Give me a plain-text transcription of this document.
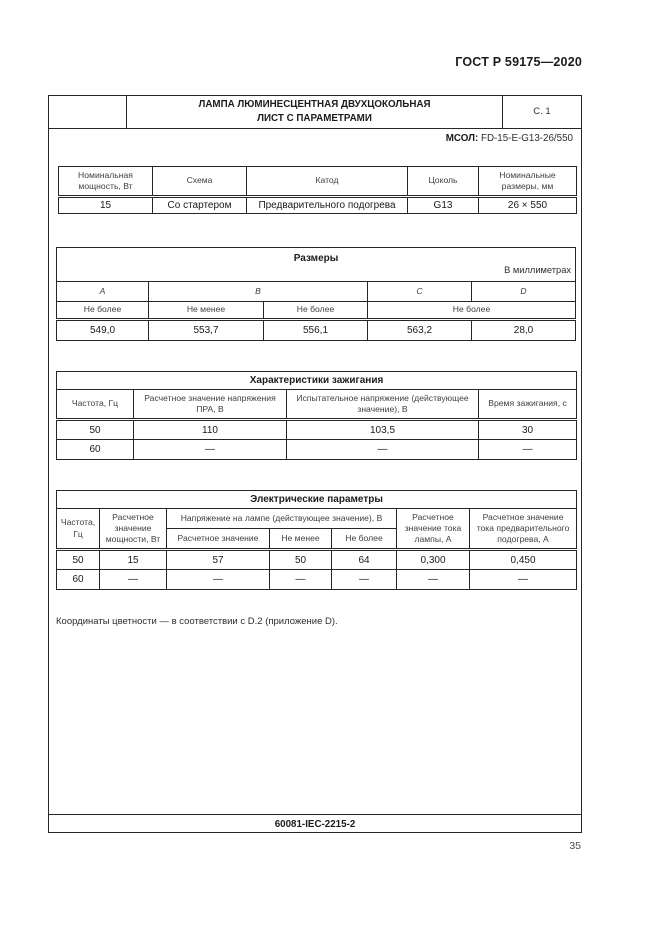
ГОСТ Р 59175—2020
ЛАМПА ЛЮМИНЕСЦЕНТНАЯ ДВУХЦОКОЛЬНАЯ
ЛИСТ С ПАРАМЕТРАМИ
С. 1
МСОЛ: FD-15-E-G13-26/550
Номинальная мощность, Вт	Схема	Катод	Цоколь	Номинальные размеры, мм
15	Со стартером	Предварительного подогрева	G13	26 × 550
Размеры
В миллиметрах				

A	B		C	D
Не более	Не менее	Не более	Не более	
549,0	553,7	556,1	563,2	28,0
Характеристики зажигания			
Частота, Гц	Расчетное значение напряжения ПРА, В	Испытательное напряжение (действующее значение), В	Время зажигания, с
50	110	103,5	30
60	—	—	—
Электрические параметры						
Частота, Гц	Расчетное значение мощности, Вт	Напряжение на лампе (действующее значение), В			Расчетное значение тока лампы, А	Расчетное значение тока предварительного подогрева, А
		Расчетное значение	Не менее	Не более		
50	15	57	50	64	0,300	0,450
60	—	—	—	—	—	—
Координаты цветности — в соответствии с D.2 (приложение D).
60081-IEC-2215-2
35
